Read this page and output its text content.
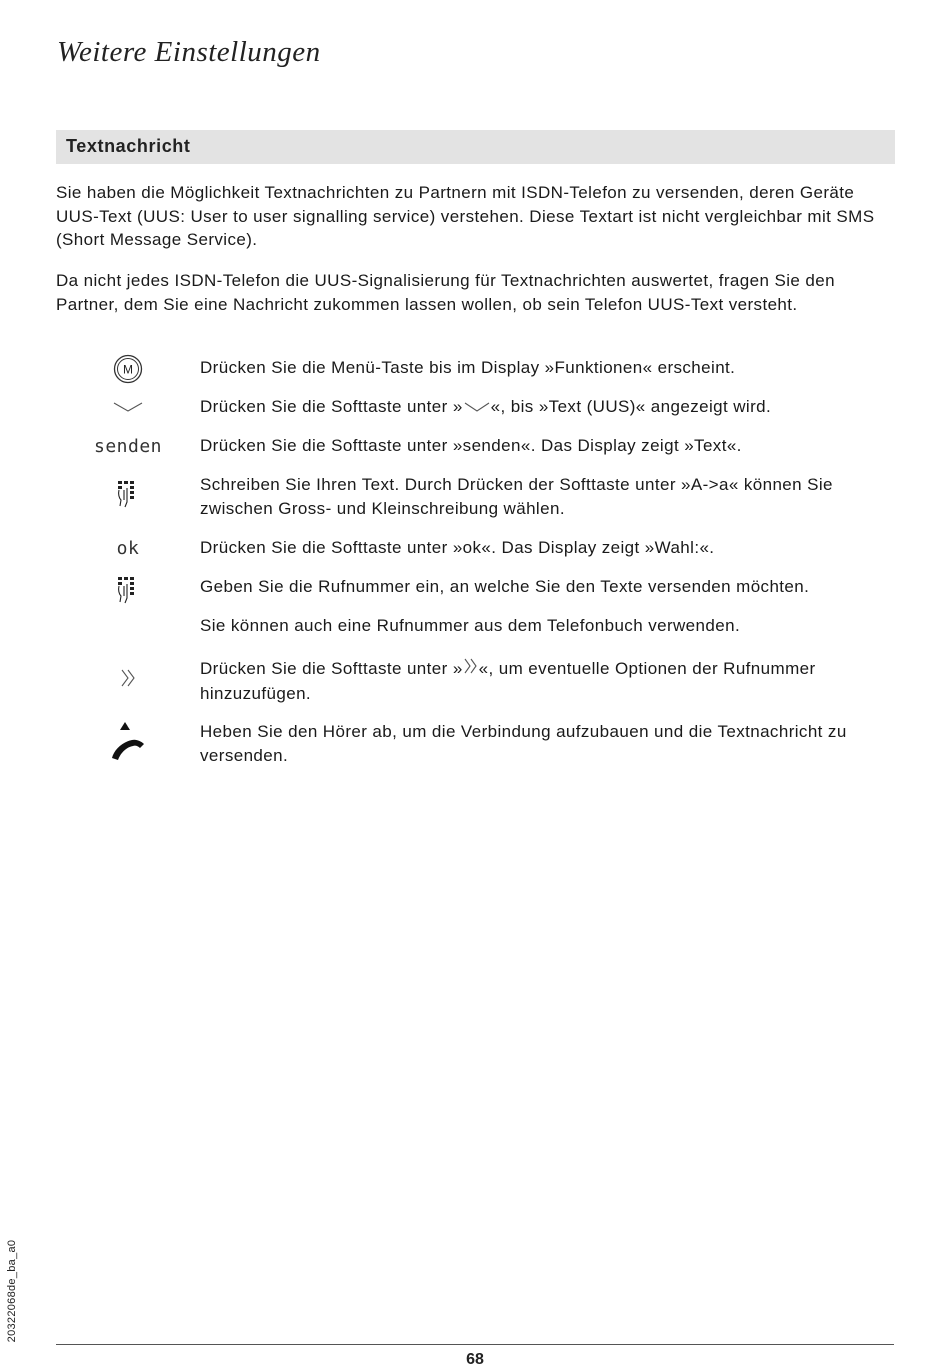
Weitere Einstellungen
Textnachricht

Sie haben die Möglichkeit Textnachrichten zu Partnern mit ISDN-Telefon zu versenden, deren Geräte UUS-Text (UUS: User to user signalling service) verstehen. Diese Textart ist nicht vergleichbar mit SMS (Short Message Service).

Da nicht jedes ISDN-Telefon die UUS-Signalisierung für Textnachrichten auswertet, fragen Sie den Partner, dem Sie eine Nachricht zukommen lassen wollen, ob sein Telefon UUS-Text versteht.

M	Drücken Sie die Menü-Taste bis im Display »Funktionen« erscheint.

Drücken Sie die Softtaste unter » «, bis »Text (UUS)« angezeigt wird.

senden	Drücken Sie die Softtaste unter »senden«. Das Display zeigt »Text«.

Schreiben Sie Ihren Text. Durch Drücken der Softtaste unter »A->a« können Sie zwischen Gross- und Kleinschreibung wählen.

ok	Drücken Sie die Softtaste unter »ok«. Das Display zeigt »Wahl:«.

Geben Sie die Rufnummer ein, an welche Sie den Texte versenden möchten.

Sie können auch eine Rufnummer aus dem Telefonbuch verwenden.

Drücken Sie die Softtaste unter » «, um eventuelle Optionen der Rufnummer hinzuzufügen.

Heben Sie den Hörer ab, um die Verbindung aufzubauen und die Textnachricht zu versenden.

20322068de_ba_a0
68
